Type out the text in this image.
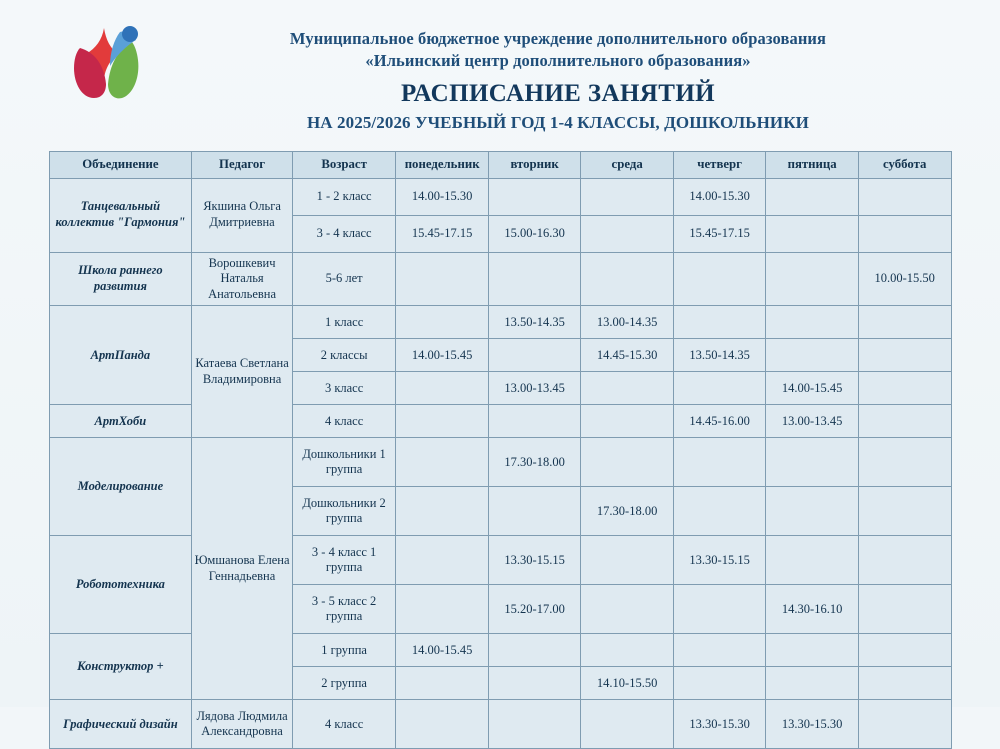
Муниципальное бюджетное учреждение дополнительного образования
«Ильинский центр дополнительного образования»
РАСПИСАНИЕ ЗАНЯТИЙ
НА 2025/2026 УЧЕБНЫЙ ГОД 1-4 КЛАССЫ, ДОШКОЛЬНИКИ
Объединение	Педагог	Возраст	понедельник	вторник	среда	четверг	пятница	суббота
Танцевальный коллектив "Гармония"	Якшина Ольга Дмитриевна	1 - 2 класс	14.00-15.30			14.00-15.30		
		3 - 4 класс	15.45-17.15	15.00-16.30		15.45-17.15		
Школа раннего развития	Ворошкевич Наталья Анатольевна	5-6 лет						10.00-15.50
АртПанда	Катаева Светлана Владимировна	1 класс		13.50-14.35	13.00-14.35			
		2 классы	14.00-15.45		14.45-15.30	13.50-14.35		
		3 класс		13.00-13.45			14.00-15.45	
АртХоби		4 класс				14.45-16.00	13.00-13.45	
Моделирование	Юмшанова Елена Геннадьевна	Дошкольники 1 группа		17.30-18.00				
		Дошкольники 2 группа			17.30-18.00			
Робототехника		3 - 4 класс 1 группа		13.30-15.15		13.30-15.15		
		3 - 5 класс 2 группа		15.20-17.00			14.30-16.10	
Конструктор +		1 группа	14.00-15.45					
		2 группа			14.10-15.50			
Графический дизайн	Лядова Людмила Александровна	4 класс				13.30-15.30	13.30-15.30	
